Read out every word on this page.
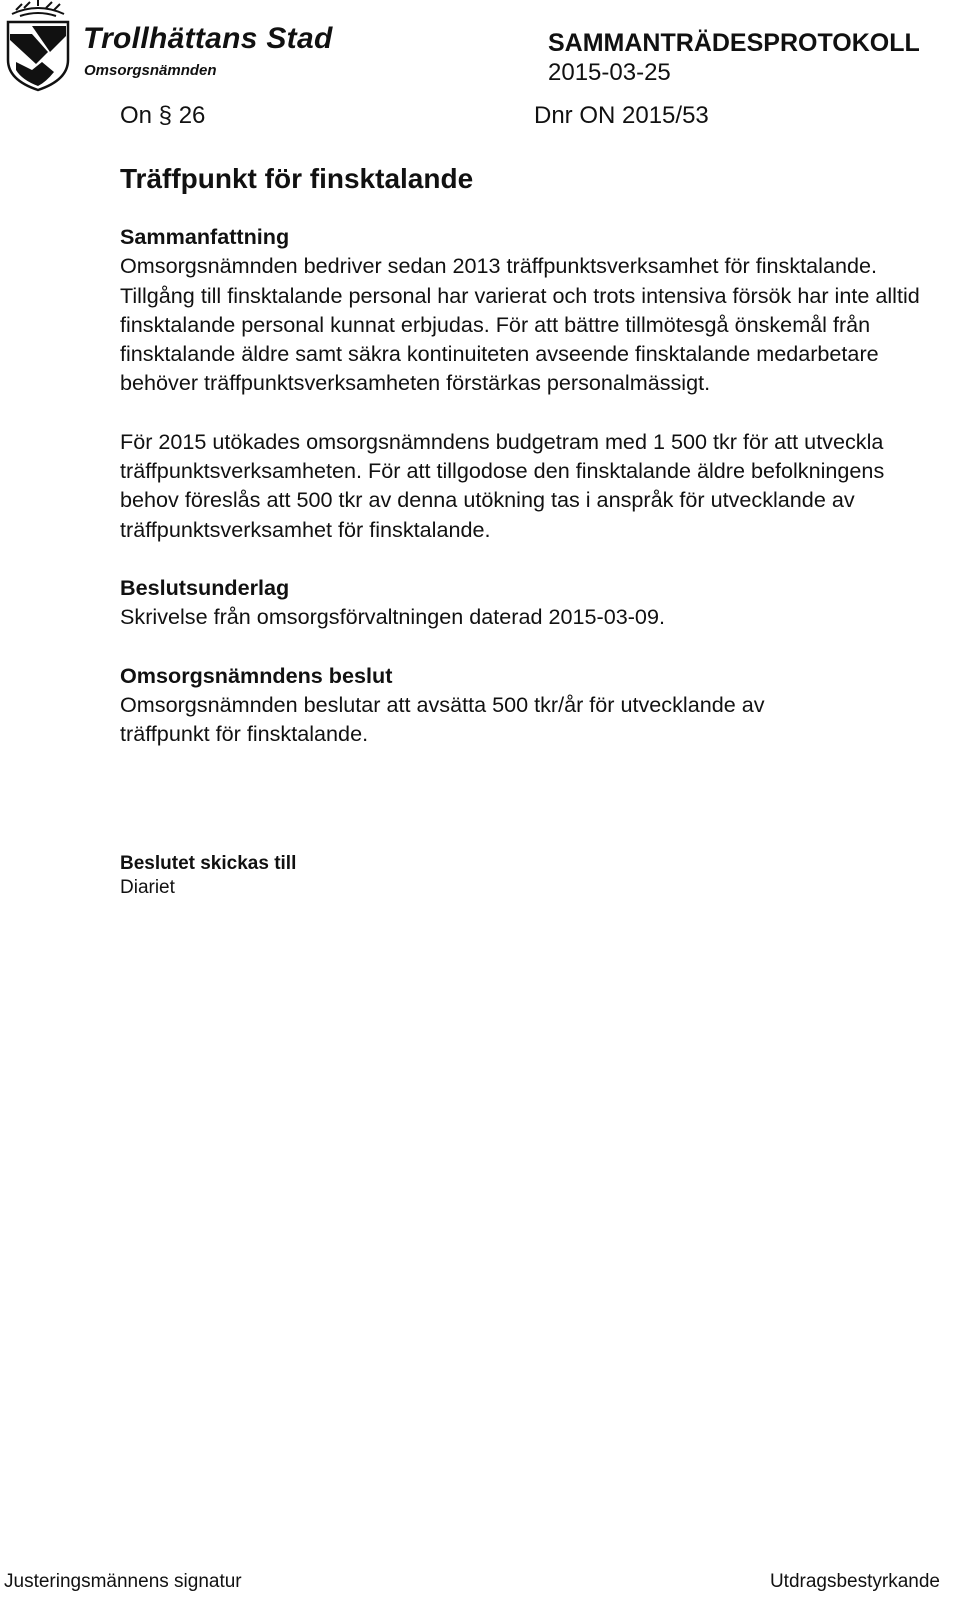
Trollhättans Stad
Omsorgsnämnden
SAMMANTRÄDESPROTOKOLL
2015-03-25
On § 26	Dnr ON 2015/53
Träffpunkt för finsktalande
Sammanfattning

Omsorgsnämnden bedriver sedan 2013 träffpunktsverksamhet för finsktalande. Tillgång till finsktalande personal har varierat och trots intensiva försök har inte alltid finsktalande personal kunnat erbjudas. För att bättre tillmötesgå önskemål från finsktalande äldre samt säkra kontinuiteten avseende finsktalande medarbetare behöver träffpunktsverksamheten förstärkas personalmässigt.

För 2015 utökades omsorgsnämndens budgetram med 1 500 tkr för att utveckla träffpunktsverksamheten. För att tillgodose den finsktalande äldre befolkningens behov föreslås att 500 tkr av denna utökning tas i anspråk för utvecklande av träffpunktsverksamhet för finsktalande.

Beslutsunderlag

Skrivelse från omsorgsförvaltningen daterad 2015-03-09.

Omsorgsnämndens beslut

Omsorgsnämnden beslutar att avsätta 500 tkr/år för utvecklande av träffpunkt för finsktalande.

Beslutet skickas till
Diariet
Justeringsmännens signatur	Utdragsbestyrkande
